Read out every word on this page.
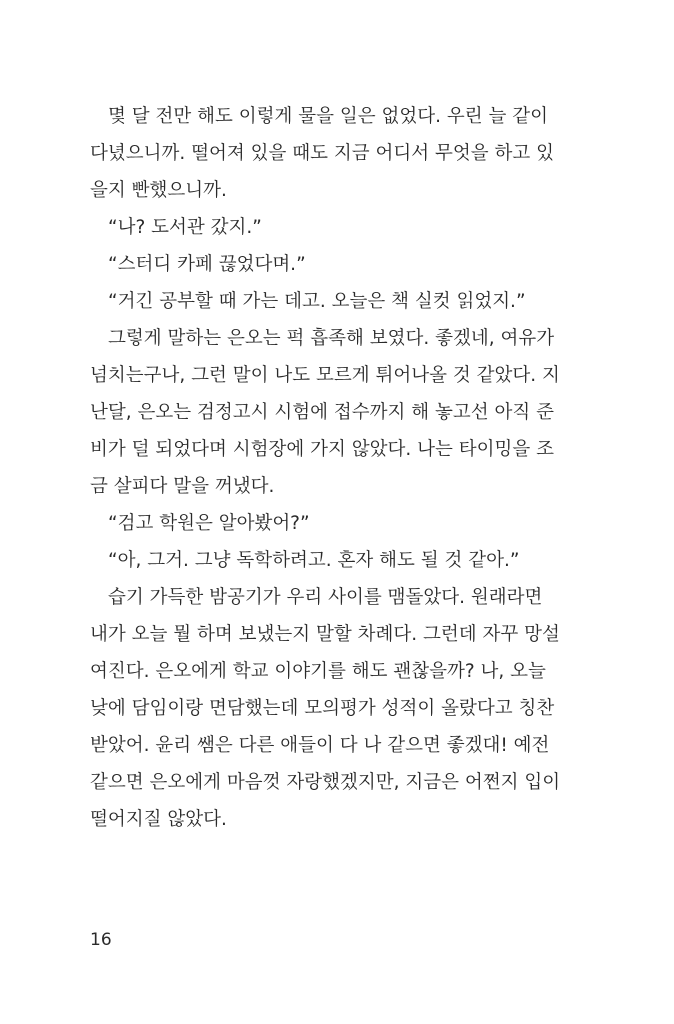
몇 달 전만 해도 이렇게 물을 일은 없었다. 우린 늘 같이
다녔으니까. 떨어져 있을 때도 지금 어디서 무엇을 하고 있
을지 빤했으니까.
“나? 도서관 갔지.”
“스터디 카페 끊었다며.”
“거긴 공부할 때 가는 데고. 오늘은 책 실컷 읽었지.”
그렇게 말하는 은오는 퍽 흡족해 보였다. 좋겠네, 여유가
넘치는구나, 그런 말이 나도 모르게 튀어나올 것 같았다. 지
난달, 은오는 검정고시 시험에 접수까지 해 놓고선 아직 준
비가 덜 되었다며 시험장에 가지 않았다. 나는 타이밍을 조
금 살피다 말을 꺼냈다.
“검고 학원은 알아봤어?”
“아, 그거. 그냥 독학하려고. 혼자 해도 될 것 같아.”
습기 가득한 밤공기가 우리 사이를 맴돌았다. 원래라면
내가 오늘 뭘 하며 보냈는지 말할 차례다. 그런데 자꾸 망설
여진다. 은오에게 학교 이야기를 해도 괜찮을까? 나, 오늘
낮에 담임이랑 면담했는데 모의평가 성적이 올랐다고 칭찬
받았어. 윤리 쌤은 다른 애들이 다 나 같으면 좋겠대! 예전
같으면 은오에게 마음껏 자랑했겠지만, 지금은 어쩐지 입이
떨어지질 않았다.
16
